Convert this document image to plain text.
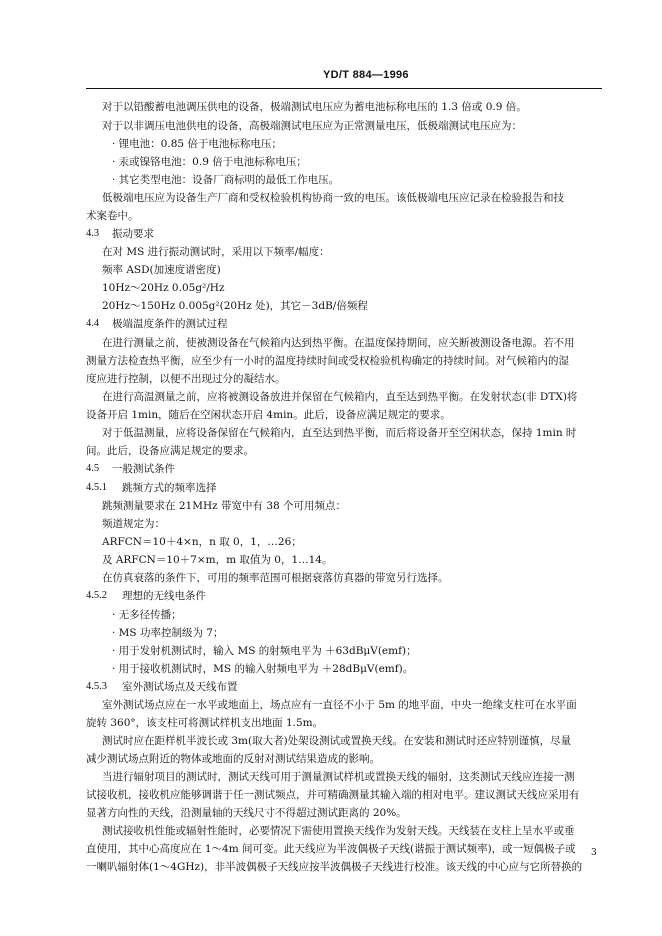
YD/T 884—1996
对于以铅酸蓄电池调压供电的设备，极端测试电压应为蓄电池标称电压的 1.3 倍或 0.9 倍。
对于以非调压电池供电的设备，高极端测试电压应为正常测量电压，低极端测试电压应为：
· 锂电池：0.85 倍于电池标称电压；
· 汞或镍铬电池：0.9 倍于电池标称电压；
· 其它类型电池：设备厂商标明的最低工作电压。
低极端电压应为设备生产厂商和受权检验机构协商一致的电压。该低极端电压应记录在检验报告和技
术案卷中。
4.3 振动要求
在对 MS 进行振动测试时，采用以下频率/幅度：
频率 ASD(加速度谱密度)
10Hz～20Hz 0.05g²/Hz
20Hz～150Hz 0.005g²(20Hz 处)，其它－3dB/倍频程
4.4 极端温度条件的测试过程
在进行测量之前，使被测设备在气候箱内达到热平衡。在温度保持期间，应关断被测设备电源。若不用
测量方法检查热平衡，应至少有一小时的温度持续时间或受权检验机构确定的持续时间。对气候箱内的湿
度应进行控制，以便不出现过分的凝结水。
在进行高温测量之前，应将被测设备放进并保留在气候箱内，直至达到热平衡。在发射状态(非 DTX)将
设备开启 1min，随后在空闲状态开启 4min。此后，设备应满足规定的要求。
对于低温测量，应将设备保留在气候箱内，直至达到热平衡，而后将设备开至空闲状态，保持 1min 时
间。此后，设备应满足规定的要求。
4.5 一般测试条件
4.5.1 跳频方式的频率选择
跳频测量要求在 21MHz 带宽中有 38 个可用频点：
频道规定为：
ARFCN＝10＋4×n，n 取 0，1，…26；
及 ARFCN＝10＋7×m，m 取值为 0，1…14。
在仿真衰落的条件下，可用的频率范围可根据衰落仿真器的带宽另行选择。
4.5.2 理想的无线电条件
· 无多径传播；
· MS 功率控制级为 7；
· 用于发射机测试时，输入 MS 的射频电平为 ＋63dBμV(emf)；
· 用于接收机测试时，MS 的输入射频电平为 ＋28dBμV(emf)。
4.5.3 室外测试场点及天线布置
室外测试场点应在一水平或地面上，场点应有一直径不小于 5m 的地平面，中央一绝缘支柱可在水平面
旋转 360°，该支柱可将测试样机支出地面 1.5m。
测试时应在距样机半波长或 3m(取大者)处架设测试或置换天线。在安装和测试时还应特别谨慎，尽量
减少测试场点附近的物体或地面的反射对测试结果造成的影响。
当进行辐射项目的测试时，测试天线可用于测量测试样机或置换天线的辐射，这类测试天线应连接一测
试接收机，接收机应能够调谐于任一测试频点，并可精确测量其输入端的相对电平。建议测试天线应采用有
显著方向性的天线，沿测量轴的天线尺寸不得超过测试距离的 20%。
测试接收机性能或辐射性能时，必要情况下需使用置换天线作为发射天线。天线装在支柱上呈水平或垂
直使用，其中心高度应在 1～4m 间可变。此天线应为半波偶极子天线(谐振于测试频率)，或一短偶极子或
一喇叭辐射体(1～4GHz)，非半波偶极子天线应按半波偶极子天线进行校准。该天线的中心应与它所替换的
3
